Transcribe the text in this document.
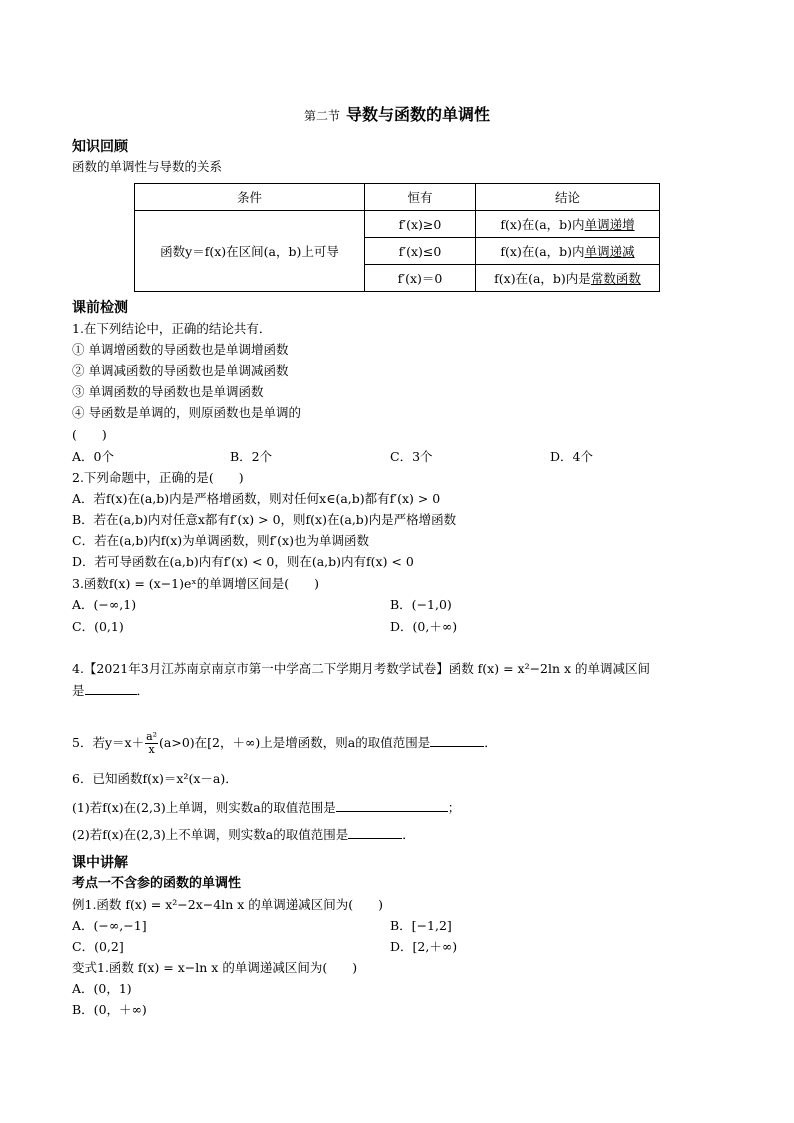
第二节 导数与函数的单调性
知识回顾
函数的单调性与导数的关系
条件	恒有	结论
函数y＝f(x)在区间(a，b)上可导	f′(x)≥0	f(x)在(a，b)内单调递增
	f′(x)≤0	f(x)在(a，b)内单调递减
	f′(x)＝0	f(x)在(a，b)内是常数函数
课前检测
1.在下列结论中，正确的结论共有．
① 单调增函数的导函数也是单调增函数
② 单调减函数的导函数也是单调减函数
③ 单调函数的导函数也是单调函数
④ 导函数是单调的，则原函数也是单调的
(　　)
A．0个	B．2个	C．3个	D．4个
2.下列命题中，正确的是(　　)
A．若f(x)在(a,b)内是严格增函数，则对任何x∈(a,b)都有f′(x) > 0
B．若在(a,b)内对任意x都有f′(x) > 0，则f(x)在(a,b)内是严格增函数
C．若在(a,b)内f(x)为单调函数，则f′(x)也为单调函数
D．若可导函数在(a,b)内有f′(x) < 0，则在(a,b)内有f(x) < 0
3.函数f(x) = (x−1)eˣ的单调增区间是(　　)
A．(−∞,1)	B．(−1,0)
C．(0,1)	D．(0,＋∞)
4.【2021年3月江苏南京南京市第一中学高二下学期月考数学试卷】函数 f(x) = x²−2ln x 的单调减区间
是	．
5．若$y=x+ \frac{\text{a²}}{x} (a>0)$在[2，＋∞)上是增函数，则a的取值范围是	．
6．已知函数f(x)＝x²(x－a)．
(1)若f(x)在(2,3)上单调，则实数a的取值范围是	；
(2)若f(x)在(2,3)上不单调，则实数a的取值范围是	．
课中讲解
考点一不含参的函数的单调性
例1.函数 f(x) = x²−2x−4ln x 的单调递减区间为(　　)
A．(−∞,−1]	B．[−1,2]
C．(0,2]	D．[2,＋∞)
变式1.函数 f(x) = x−ln x 的单调递减区间为(　　)
A．(0，1)
B．(0，＋∞)
